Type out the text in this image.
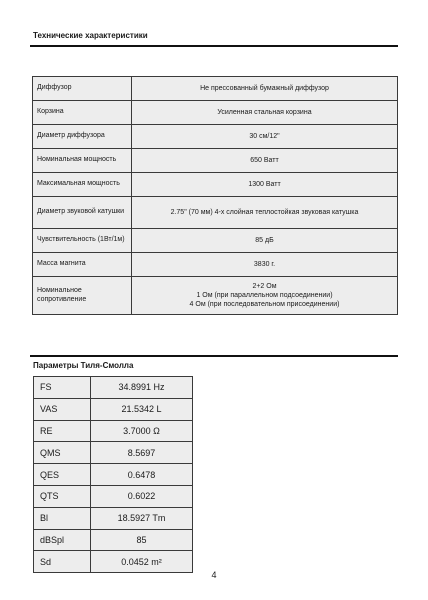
Технические характеристики
Диффузор	Не прессованный бумажный диффузор
Корзина	Усиленная стальная корзина
Диаметр диффузора	30 см/12"
Номинальная мощность	650 Ватт
Максимальная мощность	1300 Ватт
Диаметр звуковой катушки	2.75" (70 мм) 4-х слойная теплостойкая звуковая катушка
Чувствительность (1Вт/1м)	85 дБ
Масса магнита	3830 г.
Номинальное сопротивление	2+2 Ом
1 Ом (при параллельном подсоединении)
4 Ом (при последовательном присоединении)
Параметры Тиля-Смолла
FS	34.8991 Hz
VAS	21.5342 L
RE	3.7000 Ω
QMS	8.5697
QES	0.6478
QTS	0.6022
Bl	18.5927 Tm
dBSpl	85
Sd	0.0452 m²
4
